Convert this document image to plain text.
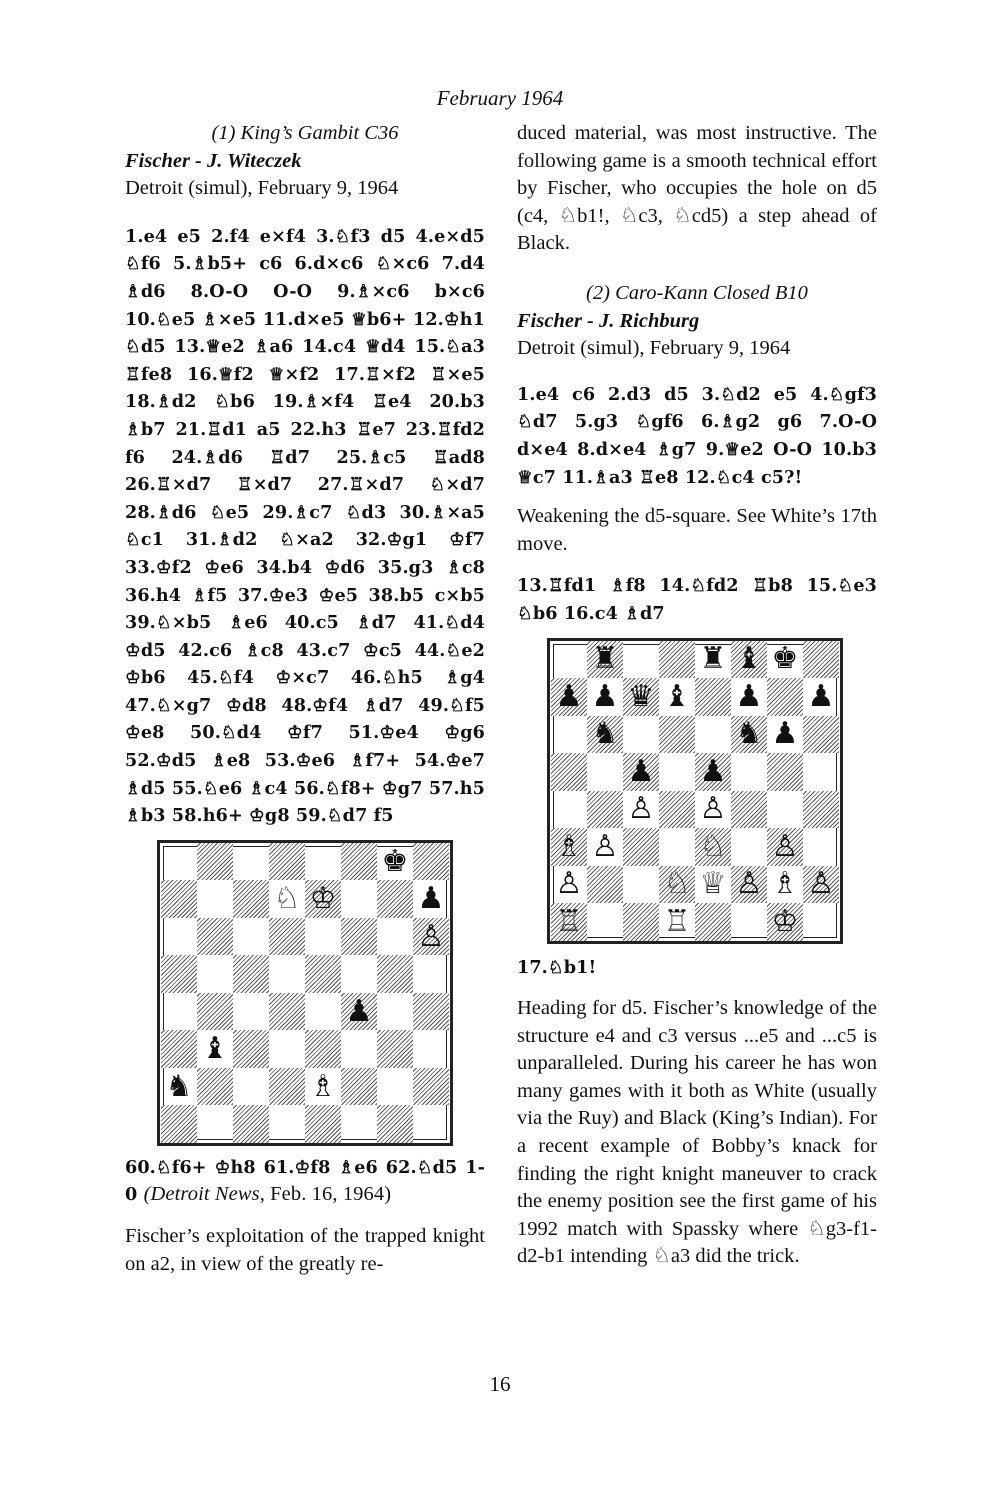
February 1964

(1) King’s Gambit C36

Fischer - J. Witeczek

Detroit (simul), February 9, 1964

1.e4 e5 2.f4 e×f4 3.♘f3 d5 4.e×d5 ♘f6 5.♗b5+ c6 6.d×c6 ♘×c6 7.d4 ♗d6 8.O-O O-O 9.♗×c6 b×c6 10.♘e5 ♗×e5 11.d×e5 ♕b6+ 12.♔h1 ♘d5 13.♕e2 ♗a6 14.c4 ♕d4 15.♘a3 ♖fe8 16.♕f2 ♕×f2 17.♖×f2 ♖×e5 18.♗d2 ♘b6 19.♗×f4 ♖e4 20.b3 ♗b7 21.♖d1 a5 22.h3 ♖e7 23.♖fd2 f6 24.♗d6 ♖d7 25.♗c5 ♖ad8 26.♖×d7 ♖×d7 27.♖×d7 ♘×d7 28.♗d6 ♘e5 29.♗c7 ♘d3 30.♗×a5 ♘c1 31.♗d2 ♘×a2 32.♔g1 ♔f7 33.♔f2 ♔e6 34.b4 ♔d6 35.g3 ♗c8 36.h4 ♗f5 37.♔e3 ♔e5 38.b5 c×b5 39.♘×b5 ♗e6 40.c5 ♗d7 41.♘d4 ♔d5 42.c6 ♗c8 43.c7 ♔c5 44.♘e2 ♔b6 45.♘f4 ♔×c7 46.♘h5 ♗g4 47.♘×g7 ♔d8 48.♔f4 ♗d7 49.♘f5 ♔e8 50.♘d4 ♔f7 51.♔e4 ♔g6 52.♔d5 ♗e8 53.♔e6 ♗f7+ 54.♔e7 ♗d5 55.♘e6 ♗c4 56.♘f8+ ♔g7 57.h5 ♗b3 58.h6+ ♔g8 59.♘d7 f5

♚
♘ ♔	♟
♙
♟
♝
♞	♗

60.♘f6+ ♔h8 61.♔f8 ♗e6 62.♘d5 1-0 (Detroit News, Feb. 16, 1964)

Fischer’s exploitation of the trapped knight on a2, in view of the greatly re-

duced material, was most instructive. The following game is a smooth technical effort by Fischer, who occupies the hole on d5 (c4, ♘b1!, ♘c3, ♘cd5) a step ahead of Black.

(2) Caro-Kann Closed B10

Fischer - J. Richburg

Detroit (simul), February 9, 1964

1.e4 c6 2.d3 d5 3.♘d2 e5 4.♘gf3 ♘d7 5.g3 ♘gf6 6.♗g2 g6 7.O-O d×e4 8.d×e4 ♗g7 9.♕e2 O-O 10.b3 ♕c7 11.♗a3 ♖e8 12.♘c4 c5?!

Weakening the d5-square. See White’s 17th move.

13.♖fd1 ♗f8 14.♘fd2 ♖b8 15.♘e3 ♘b6 16.c4 ♗d7

♜	♜ ♝ ♚
♟ ♟ ♛ ♝ ♟ ♟
♞	♞ ♟
♟ ♟
♙ ♙
♗ ♙	♘ ♙
♙	♘ ♕ ♙ ♗ ♙
♖	♖	♔

17.♘b1!

Heading for d5. Fischer’s knowledge of the structure e4 and c3 versus ...e5 and ...c5 is unparalleled. During his career he has won many games with it both as White (usually via the Ruy) and Black (King’s Indian). For a recent example of Bobby’s knack for finding the right knight maneuver to crack the enemy position see the first game of his 1992 match with Spassky where ♘g3-f1-d2-b1 intending ♘a3 did the trick.

16
